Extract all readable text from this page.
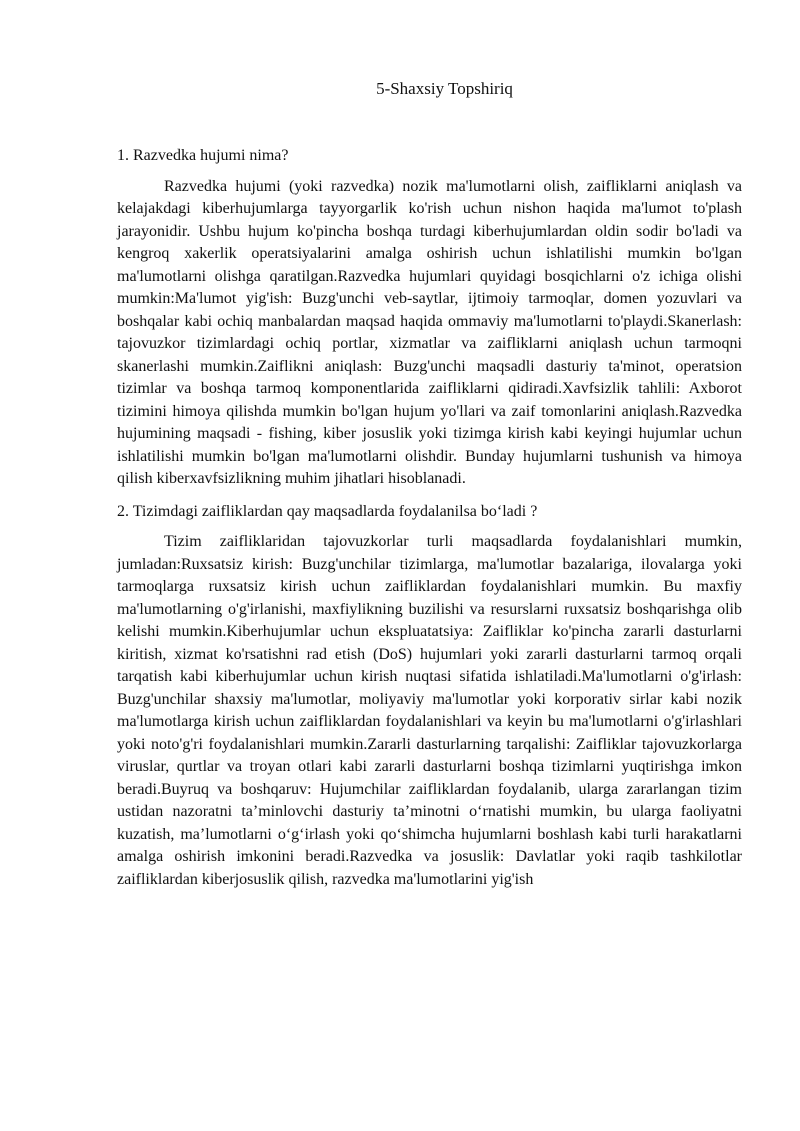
5-Shaxsiy Topshiriq
1. Razvedka hujumi nima?

Razvedka hujumi (yoki razvedka) nozik ma'lumotlarni olish, zaifliklarni aniqlash va kelajakdagi kiberhujumlarga tayyorgarlik ko'rish uchun nishon haqida ma'lumot to'plash jarayonidir. Ushbu hujum ko'pincha boshqa turdagi kiberhujumlardan oldin sodir bo'ladi va kengroq xakerlik operatsiyalarini amalga oshirish uchun ishlatilishi mumkin bo'lgan ma'lumotlarni olishga qaratilgan.Razvedka hujumlari quyidagi bosqichlarni o'z ichiga olishi mumkin:Ma'lumot yig'ish: Buzg'unchi veb-saytlar, ijtimoiy tarmoqlar, domen yozuvlari va boshqalar kabi ochiq manbalardan maqsad haqida ommaviy ma'lumotlarni to'playdi.Skanerlash: tajovuzkor tizimlardagi ochiq portlar, xizmatlar va zaifliklarni aniqlash uchun tarmoqni skanerlashi mumkin.Zaiflikni aniqlash: Buzg'unchi maqsadli dasturiy ta'minot, operatsion tizimlar va boshqa tarmoq komponentlarida zaifliklarni qidiradi.Xavfsizlik tahlili: Axborot tizimini himoya qilishda mumkin bo'lgan hujum yo'llari va zaif tomonlarini aniqlash.Razvedka hujumining maqsadi - fishing, kiber josuslik yoki tizimga kirish kabi keyingi hujumlar uchun ishlatilishi mumkin bo'lgan ma'lumotlarni olishdir. Bunday hujumlarni tushunish va himoya qilish kiberxavfsizlikning muhim jihatlari hisoblanadi.

2. Tizimdagi zaifliklardan qay maqsadlarda foydalanilsa bo‘ladi ?

Tizim zaifliklaridan tajovuzkorlar turli maqsadlarda foydalanishlari mumkin, jumladan:Ruxsatsiz kirish: Buzg'unchilar tizimlarga, ma'lumotlar bazalariga, ilovalarga yoki tarmoqlarga ruxsatsiz kirish uchun zaifliklardan foydalanishlari mumkin. Bu maxfiy ma'lumotlarning o'g'irlanishi, maxfiylikning buzilishi va resurslarni ruxsatsiz boshqarishga olib kelishi mumkin.Kiberhujumlar uchun ekspluatatsiya: Zaifliklar ko'pincha zararli dasturlarni kiritish, xizmat ko'rsatishni rad etish (DoS) hujumlari yoki zararli dasturlarni tarmoq orqali tarqatish kabi kiberhujumlar uchun kirish nuqtasi sifatida ishlatiladi.Ma'lumotlarni o'g'irlash: Buzg'unchilar shaxsiy ma'lumotlar, moliyaviy ma'lumotlar yoki korporativ sirlar kabi nozik ma'lumotlarga kirish uchun zaifliklardan foydalanishlari va keyin bu ma'lumotlarni o'g'irlashlari yoki noto'g'ri foydalanishlari mumkin.Zararli dasturlarning tarqalishi: Zaifliklar tajovuzkorlarga viruslar, qurtlar va troyan otlari kabi zararli dasturlarni boshqa tizimlarni yuqtirishga imkon beradi.Buyruq va boshqaruv: Hujumchilar zaifliklardan foydalanib, ularga zararlangan tizim ustidan nazoratni ta’minlovchi dasturiy ta’minotni o‘rnatishi mumkin, bu ularga faoliyatni kuzatish, ma’lumotlarni o‘g‘irlash yoki qo‘shimcha hujumlarni boshlash kabi turli harakatlarni amalga oshirish imkonini beradi.Razvedka va josuslik: Davlatlar yoki raqib tashkilotlar zaifliklardan kiberjosuslik qilish, razvedka ma'lumotlarini yig'ish
